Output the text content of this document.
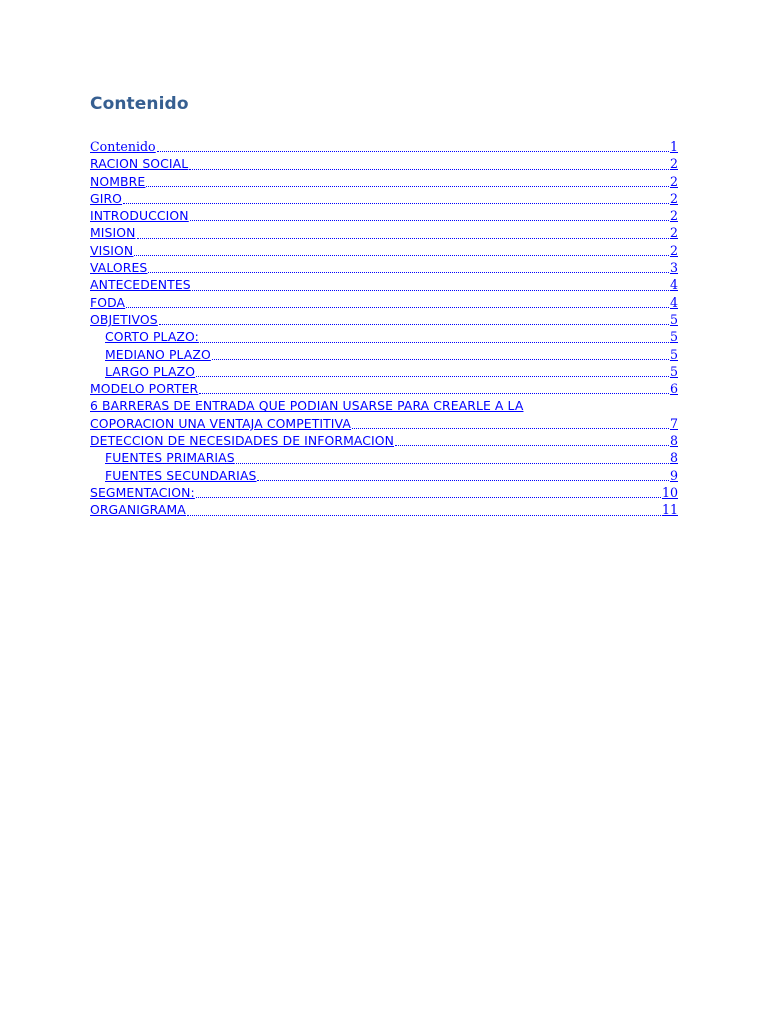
Contenido
Contenido	1
RACION SOCIAL	2
NOMBRE	2
GIRO	2
INTRODUCCION	2
MISION	2
VISION	2
VALORES	3
ANTECEDENTES	4
FODA	4
OBJETIVOS	5
CORTO PLAZO:	5
MEDIANO PLAZO	5
LARGO PLAZO	5
MODELO PORTER	6
6 BARRERAS DE ENTRADA QUE PODIAN USARSE PARA CREARLE A LA
COPORACION UNA VENTAJA COMPETITIVA	7
DETECCION DE NECESIDADES DE INFORMACION	8
FUENTES PRIMARIAS	8
FUENTES SECUNDARIAS	9
SEGMENTACION:	10
ORGANIGRAMA	11
